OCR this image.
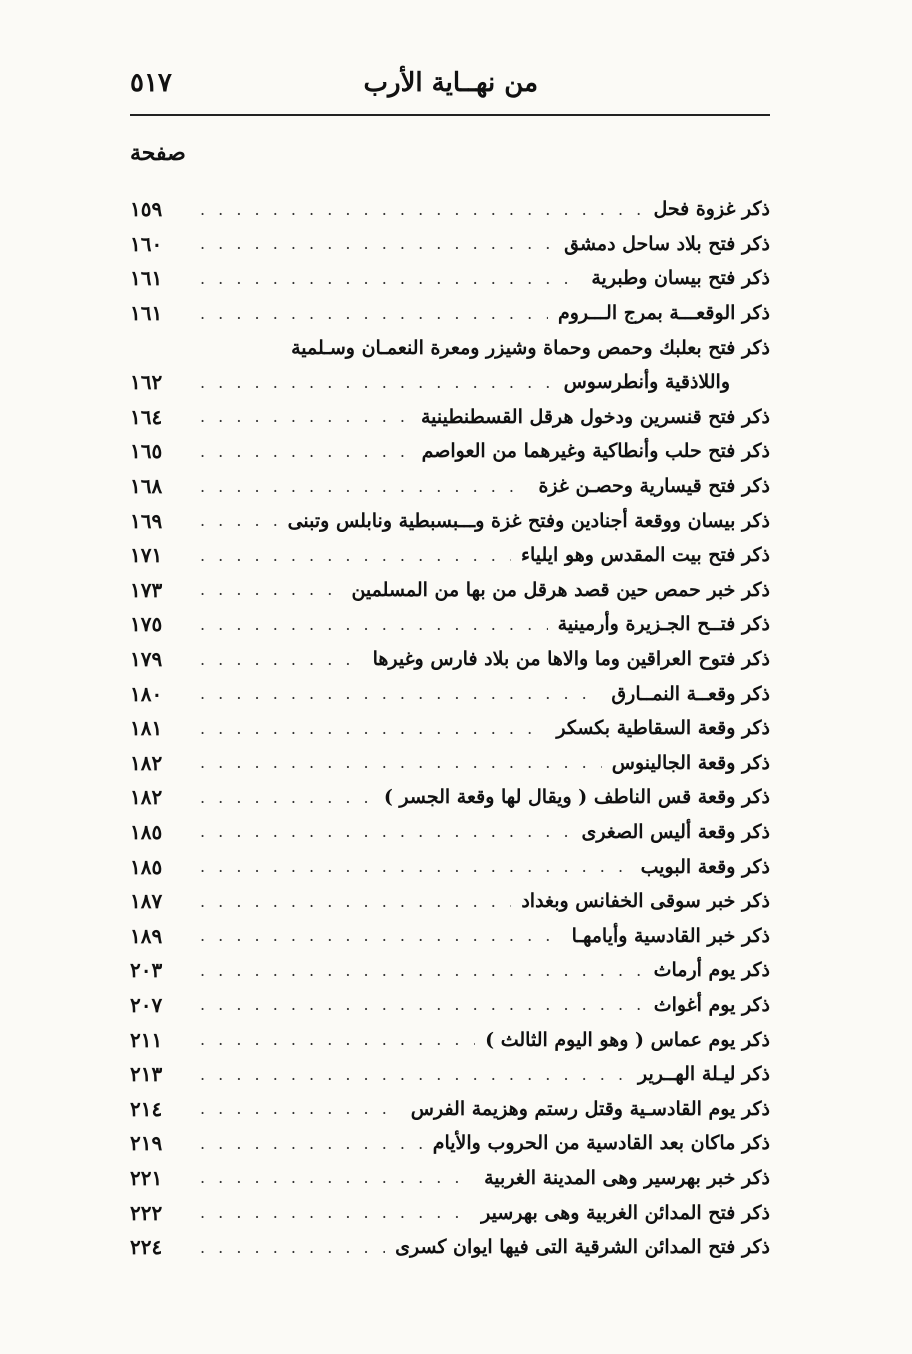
من نهــاية الأرب
٥١٧
صفحة
ذكر غزوة فحل
. . .
١٥٩
ذكر فتح بلاد ساحل دمشق
. . .
١٦٠
ذكر فتح بيسان وطبرية
. . .
١٦١
ذكر الوقعـــة بمرج الـــروم
. . .
١٦١
ذكر فتح بعلبك وحمص وحماة وشيزر ومعرة النعمـان وسـلمية
واللاذقية وأنطرسوس
. . .
١٦٢
ذكر فتح قنسرين ودخول هرقل القسطنطينية
. . .
١٦٤
ذكر فتح حلب وأنطاكية وغيرهما من العواصم
. . .
١٦٥
ذكر فتح قيسارية وحصـن غزة
. . .
١٦٨
ذكر بيسان ووقعة أجنادين وفتح غزة وـــبسبطية ونابلس وتبنى
. . .
١٦٩
ذكر فتح بيت المقدس وهو ايلياء
. . .
١٧١
ذكر خبر حمص حين قصد هرقل من بها من المسلمين
. . .
١٧٣
ذكر فتــح الجـزيرة وأرمينية
. . .
١٧٥
ذكر فتوح العراقين وما والاها من بلاد فارس وغيرها
. . .
١٧٩
ذكر وقعــة النمــارق
. . .
١٨٠
ذكر وقعة السقاطية بكسكر
. . .
١٨١
ذكر وقعة الجالينوس
. . .
١٨٢
ذكر وقعة قس الناطف ( ويقال لها وقعة الجسر )
. . .
١٨٢
ذكر وقعة أليس الصغرى
. . .
١٨٥
ذكر وقعة البويب
. . .
١٨٥
ذكر خبر سوقى الخفانس وبغداد
. . .
١٨٧
ذكر خبر القادسية وأيامهـا
. . .
١٨٩
ذكر يوم أرماث
. . .
٢٠٣
ذكر يوم أغواث
. . .
٢٠٧
ذكر يوم عماس ( وهو اليوم الثالث )
. . .
٢١١
ذكر ليـلة الهــرير
. . .
٢١٣
ذكر يوم القادسـية وقتل رستم وهزيمة الفرس
. . .
٢١٤
ذكر ماكان بعد القادسية من الحروب والأيام
. . .
٢١٩
ذكر خبر بهرسير وهى المدينة الغربية
. . .
٢٢١
ذكر فتح المدائن الغربية وهى بهرسير
. . .
٢٢٢
ذكر فتح المدائن الشرقية التى فيها ايوان كسرى
. . .
٢٢٤
